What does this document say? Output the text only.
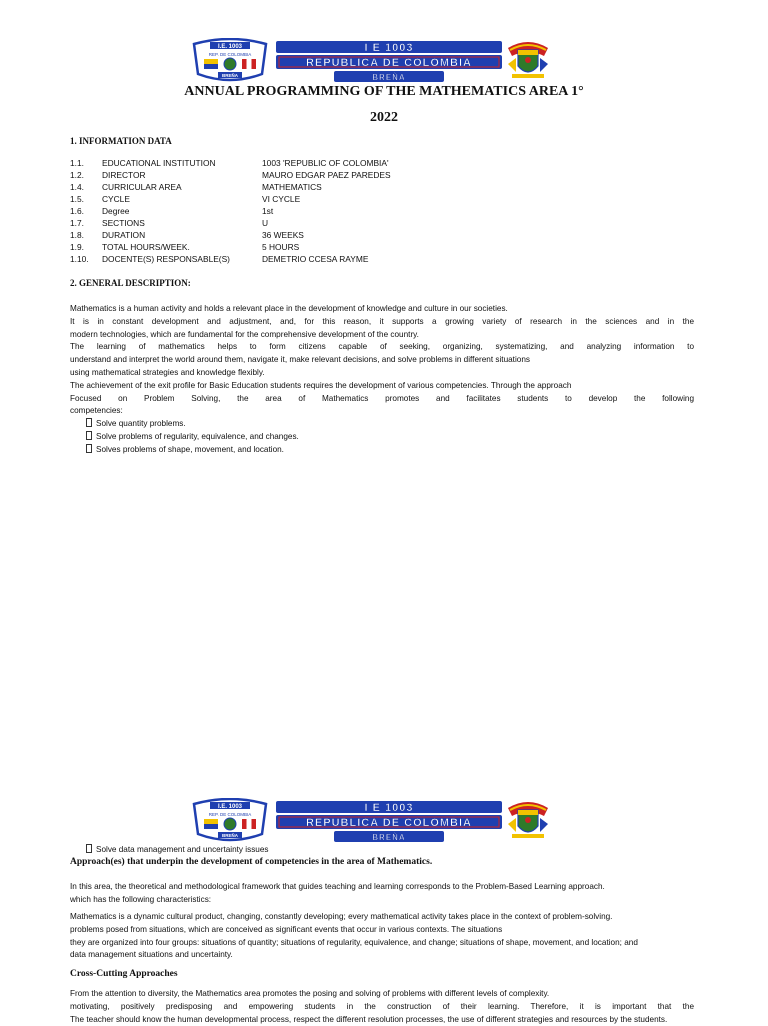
I.E. 1003
REP. DE COLOMBIA
BREÑA
I E 1003
REPUBLICA DE COLOMBIA
BREÑA
ANNUAL PROGRAMMING OF THE MATHEMATICS AREA 1°
2022
1. INFORMATION DATA
1.1. EDUCATIONAL INSTITUTION	1003 'REPUBLIC OF COLOMBIA'
1.2. DIRECTOR	MAURO EDGAR PAEZ PAREDES
1.4. CURRICULAR AREA	MATHEMATICS
1.5. CYCLE	VI CYCLE
1.6. Degree	1st
1.7. SECTIONS	U
1.8. DURATION	36 WEEKS
1.9. TOTAL HOURS/WEEK.	5 HOURS
1.10. DOCENTE(S) RESPONSABLE(S)	DEMETRIO CCESA RAYME
2. GENERAL DESCRIPTION:

Mathematics is a human activity and holds a relevant place in the development of knowledge and culture in our societies.

It is in constant development and adjustment, and, for this reason, it supports a growing variety of research in the sciences and in the

modern technologies, which are fundamental for the comprehensive development of the country.

The learning of mathematics helps to form citizens capable of seeking, organizing, systematizing, and analyzing information to

understand and interpret the world around them, navigate it, make relevant decisions, and solve problems in different situations

using mathematical strategies and knowledge flexibly.

The achievement of the exit profile for Basic Education students requires the development of various competencies. Through the approach

Focused on Problem Solving, the area of Mathematics promotes and facilitates students to develop the following

competencies:

Solve quantity problems.

Solve problems of regularity, equivalence, and changes.

Solves problems of shape, movement, and location.

I.E. 1003
REP. DE COLOMBIA
BREÑA
I E 1003
REPUBLICA DE COLOMBIA
BREÑA

Solve data management and uncertainty issues

Approach(es) that underpin the development of competencies in the area of Mathematics.

In this area, the theoretical and methodological framework that guides teaching and learning corresponds to the Problem-Based Learning approach.

which has the following characteristics:

Mathematics is a dynamic cultural product, changing, constantly developing; every mathematical activity takes place in the context of problem-solving.

problems posed from situations, which are conceived as significant events that occur in various contexts. The situations

they are organized into four groups: situations of quantity; situations of regularity, equivalence, and change; situations of shape, movement, and location; and

data management situations and uncertainty.

Cross-Cutting Approaches

From the attention to diversity, the Mathematics area promotes the posing and solving of problems with different levels of complexity.

motivating, positively predisposing and empowering students in the construction of their learning. Therefore, it is important that the

The teacher should know the human developmental process, respect the different resolution processes, the use of different strategies and resources by the students.
